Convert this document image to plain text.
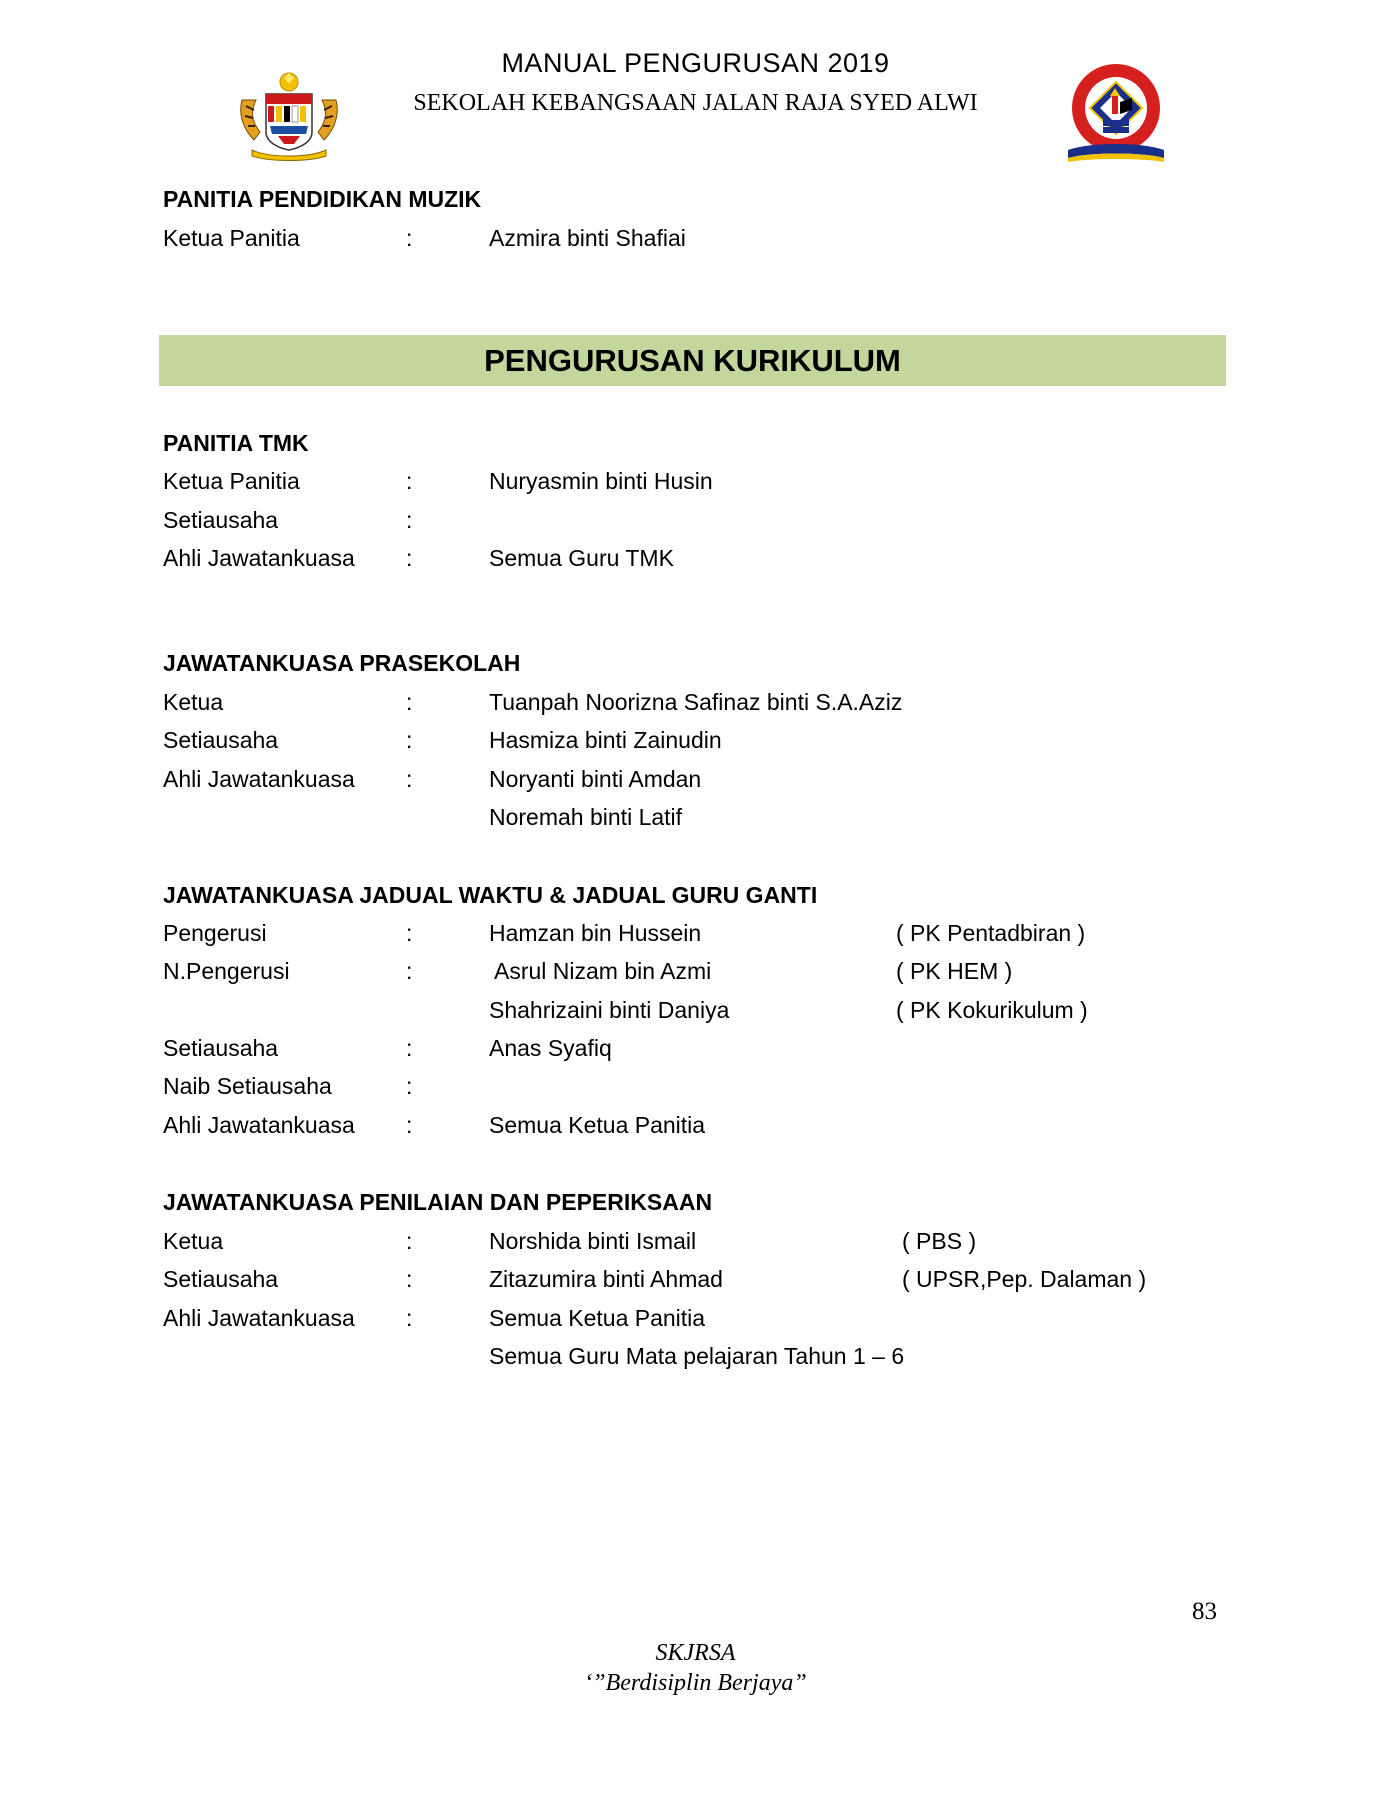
MANUAL PENGURUSAN 2019
SEKOLAH KEBANGSAAN JALAN RAJA SYED ALWI
PANITIA PENDIDIKAN MUZIK
Ketua Panitia	:	Azmira binti Shafiai
PENGURUSAN KURIKULUM
PANITIA TMK
Ketua Panitia	:	Nuryasmin binti Husin
Setiausaha	:
Ahli Jawatankuasa :	Semua Guru TMK
JAWATANKUASA PRASEKOLAH
Ketua	:	Tuanpah Noorizna Safinaz binti S.A.Aziz
Setiausaha	:	Hasmiza binti Zainudin
Ahli Jawatankuasa :	Noryanti binti Amdan
Noremah binti Latif
JAWATANKUASA JADUAL WAKTU & JADUAL GURU GANTI
Pengerusi	:	Hamzan bin Hussein	( PK Pentadbiran )
N.Pengerusi	:	Asrul Nizam bin Azmi	( PK HEM )
Shahrizaini binti Daniya	( PK Kokurikulum )
Setiausaha	:	Anas Syafiq
Naib Setiausaha	:
Ahli Jawatankuasa :	Semua Ketua Panitia
JAWATANKUASA PENILAIAN DAN PEPERIKSAAN
Ketua	:	Norshida binti Ismail	( PBS )
Setiausaha	:	Zitazumira binti Ahmad	( UPSR,Pep. Dalaman )
Ahli Jawatankuasa :	Semua Ketua Panitia
Semua Guru Mata pelajaran Tahun 1 – 6
83
SKJRSA
‘”Berdisiplin Berjaya”
